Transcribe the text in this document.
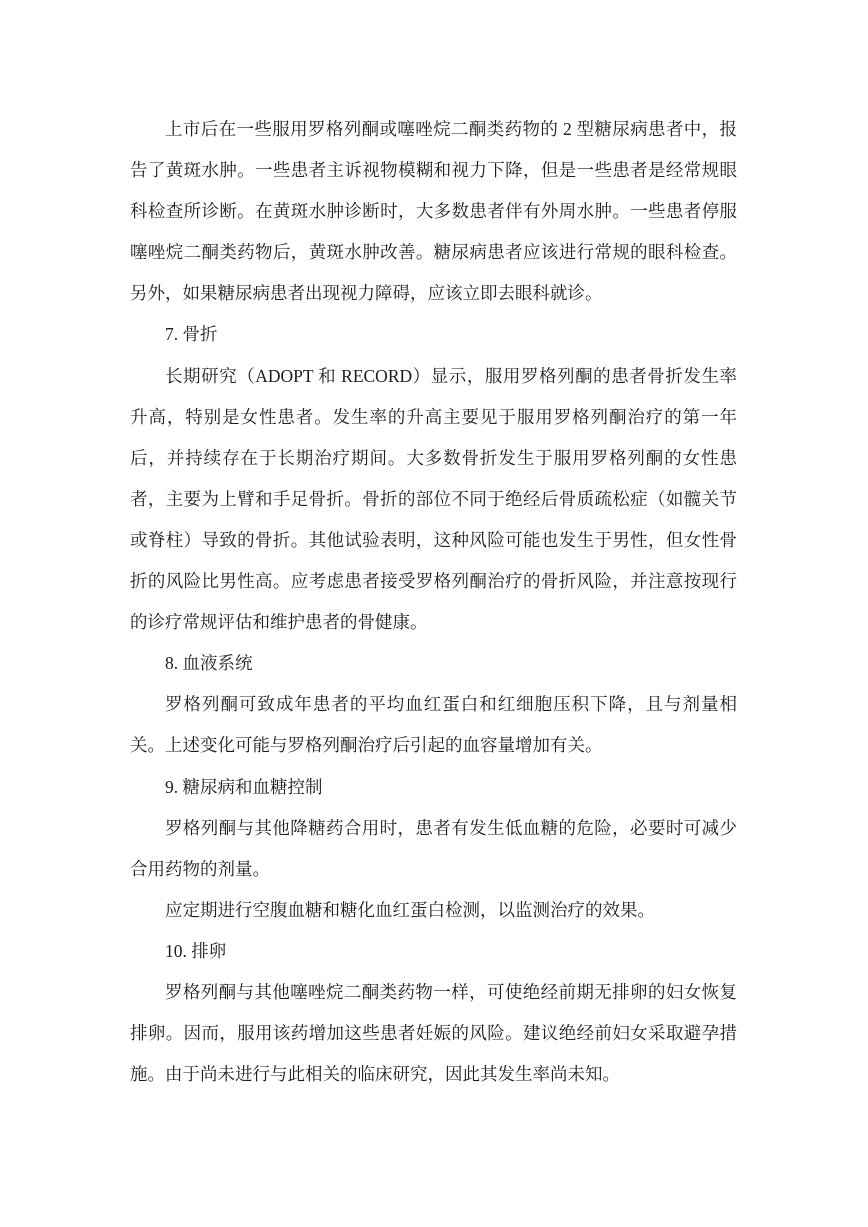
上市后在一些服用罗格列酮或噻唑烷二酮类药物的 2 型糖尿病患者中，报告了黄斑水肿。一些患者主诉视物模糊和视力下降，但是一些患者是经常规眼科检查所诊断。在黄斑水肿诊断时，大多数患者伴有外周水肿。一些患者停服噻唑烷二酮类药物后，黄斑水肿改善。糖尿病患者应该进行常规的眼科检查。另外，如果糖尿病患者出现视力障碍，应该立即去眼科就诊。

7. 骨折

长期研究（ADOPT 和 RECORD）显示，服用罗格列酮的患者骨折发生率升高，特别是女性患者。发生率的升高主要见于服用罗格列酮治疗的第一年后，并持续存在于长期治疗期间。大多数骨折发生于服用罗格列酮的女性患者，主要为上臂和手足骨折。骨折的部位不同于绝经后骨质疏松症（如髋关节或脊柱）导致的骨折。其他试验表明，这种风险可能也发生于男性，但女性骨折的风险比男性高。应考虑患者接受罗格列酮治疗的骨折风险，并注意按现行的诊疗常规评估和维护患者的骨健康。

8. 血液系统

罗格列酮可致成年患者的平均血红蛋白和红细胞压积下降，且与剂量相关。上述变化可能与罗格列酮治疗后引起的血容量增加有关。

9. 糖尿病和血糖控制

罗格列酮与其他降糖药合用时，患者有发生低血糖的危险，必要时可减少合用药物的剂量。

应定期进行空腹血糖和糖化血红蛋白检测，以监测治疗的效果。

10. 排卵

罗格列酮与其他噻唑烷二酮类药物一样，可使绝经前期无排卵的妇女恢复排卵。因而，服用该药增加这些患者妊娠的风险。建议绝经前妇女采取避孕措施。由于尚未进行与此相关的临床研究，因此其发生率尚未知。
